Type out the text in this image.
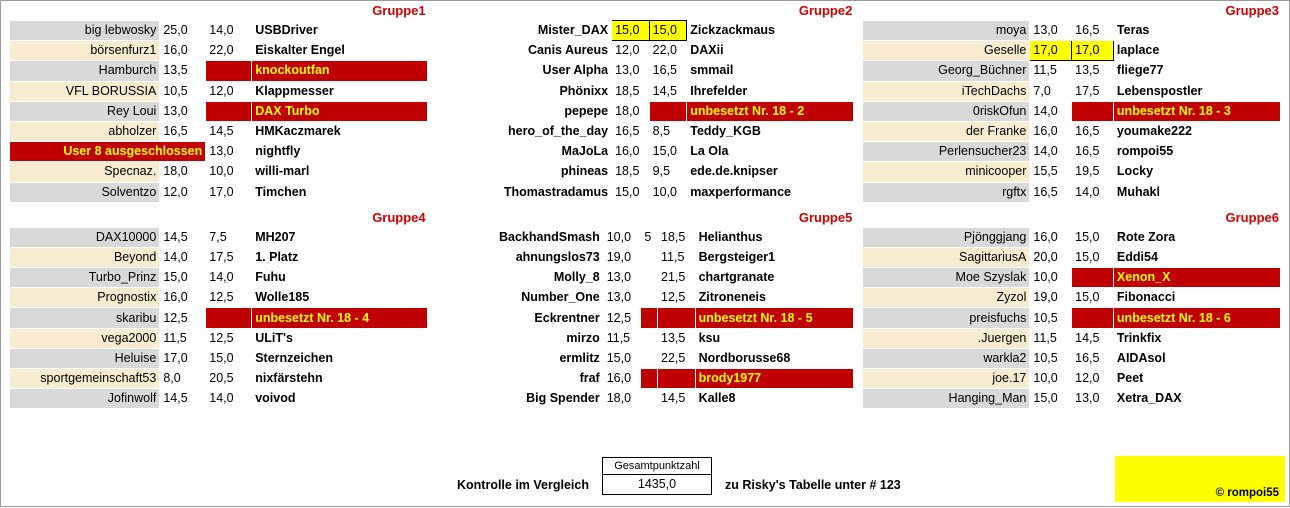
Gruppe1
big lebwosky	25,0	14,0	USBDriver
börsenfurz1	16,0	22,0	Eiskalter Engel
Hamburch	13,5		knockoutfan
VFL BORUSSIA	10,5	12,0	Klappmesser
Rey Loui	13,0		DAX Turbo
abholzer	16,5	14,5	HMKaczmarek
User 8 ausgeschlossen		13,0	nightfly
Specnaz.	18,0	10,0	willi-marl
Solventzo	12,0	17,0	Timchen
Gruppe2
Mister_DAX	15,0	15,0	Zickzackmaus
Canis Aureus	12,0	22,0	DAXii
User Alpha	13,0	16,5	smmail
Phönixx	18,5	14,5	Ihrefelder
pepepe	18,0		unbesetzt Nr. 18 - 2
hero_of_the_day	16,5	8,5	Teddy_KGB
MaJoLa	16,0	15,0	La Ola
phineas	18,5	9,5	ede.de.knipser
Thomastradamus	15,0	10,0	maxperformance
Gruppe3
moya	13,0	16,5	Teras
Geselle	17,0	17,0	laplace
Georg_Büchner	11,5	13,5	fliege77
iTechDachs	7,0	17,5	Lebenspostler
0riskOfun	14,0		unbesetzt Nr. 18 - 3
der Franke	16,0	16,5	youmake222
Perlensucher23	14,0	16,5	rompoi55
minicooper	15,5	19,5	Locky
rgftx	16,5	14,0	Muhakl
Gruppe4
DAX10000	14,5	7,5	MH207
Beyond	14,0	17,5	1. Platz
Turbo_Prinz	15,0	14,0	Fuhu
Prognostix	16,0	12,5	Wolle185
skaribu	12,5		unbesetzt Nr. 18 - 4
vega2000	11,5	12,5	ULiT's
Heluise	17,0	15,0	Sternzeichen
sportgemeinschaft53	8,0	20,5	nixfärstehn
Jofinwolf	14,5	14,0	voivod
Gruppe5
BackhandSmash	10,0	5	18,5	Helianthus
ahnungslos73	19,0		11,5	Bergsteiger1
Molly_8	13,0		21,5	chartgranate
Number_One	13,0		12,5	Zitroneneis
Eckrentner	12,5			unbesetzt Nr. 18 - 5
mirzo	11,5		13,5	ksu
ermlitz	15,0		22,5	Nordborusse68
fraf	16,0			brody1977
Big Spender	18,0		14,5	Kalle8
Gruppe6
Pjönggjang	16,0	15,0	Rote Zora
SagittariusA	20,0	15,0	Eddi54
Moe Szyslak	10,0		Xenon_X
Zyzol	19,0	15,0	Fibonacci
preisfuchs	10,5		unbesetzt Nr. 18 - 6
.Juergen	11,5	14,5	Trinkfix
warkla2	10,5	16,5	AIDAsol
joe.17	10,0	12,0	Peet
Hanging_Man	15,0	13,0	Xetra_DAX
Kontrolle im Vergleich
Gesamtpunktzahl
1435,0	zu Risky's Tabelle unter # 123
© rompoi55
